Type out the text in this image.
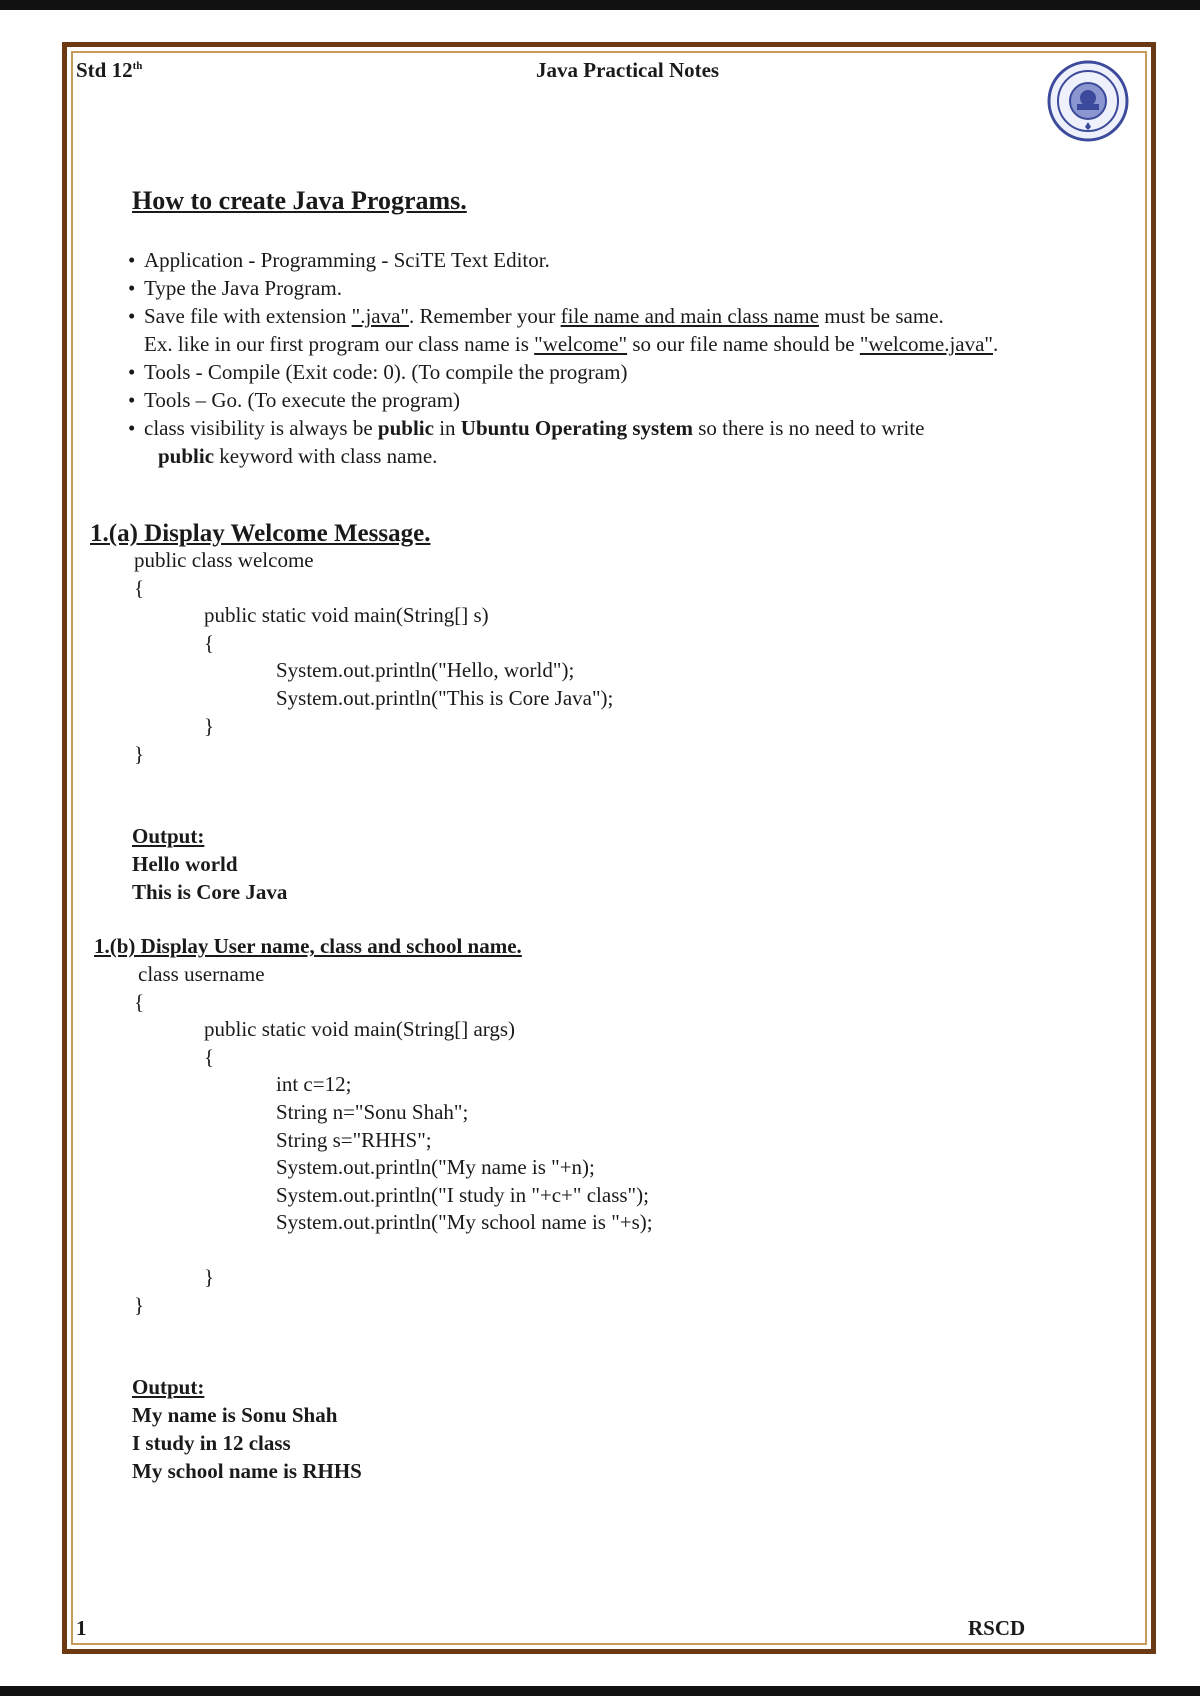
Std 12th	Java Practical Notes
How to create Java Programs.
• Application - Programming - SciTE Text Editor.
• Type the Java Program.
• Save file with extension ".java". Remember your file name and main class name must be same.
Ex. like in our first program our class name is "welcome" so our file name should be "welcome.java".
• Tools - Compile (Exit code: 0). (To compile the program)
• Tools – Go. (To execute the program)
• class visibility is always be public in Ubuntu Operating system so there is no need to write
public keyword with class name.
1.(a) Display Welcome Message.
public class welcome
{
public static void main(String[] s)
{
System.out.println("Hello, world");
System.out.println("This is Core Java");
}
}
Output:
Hello world
This is Core Java
1.(b) Display User name, class and school name.
class username
{
public static void main(String[] args)
{
int c=12;
String n="Sonu Shah";
String s="RHHS";
System.out.println("My name is "+n);
System.out.println("I study in "+c+" class");
System.out.println("My school name is "+s);
}
}
Output:
My name is Sonu Shah
I study in 12 class
My school name is RHHS
1	RSCD
